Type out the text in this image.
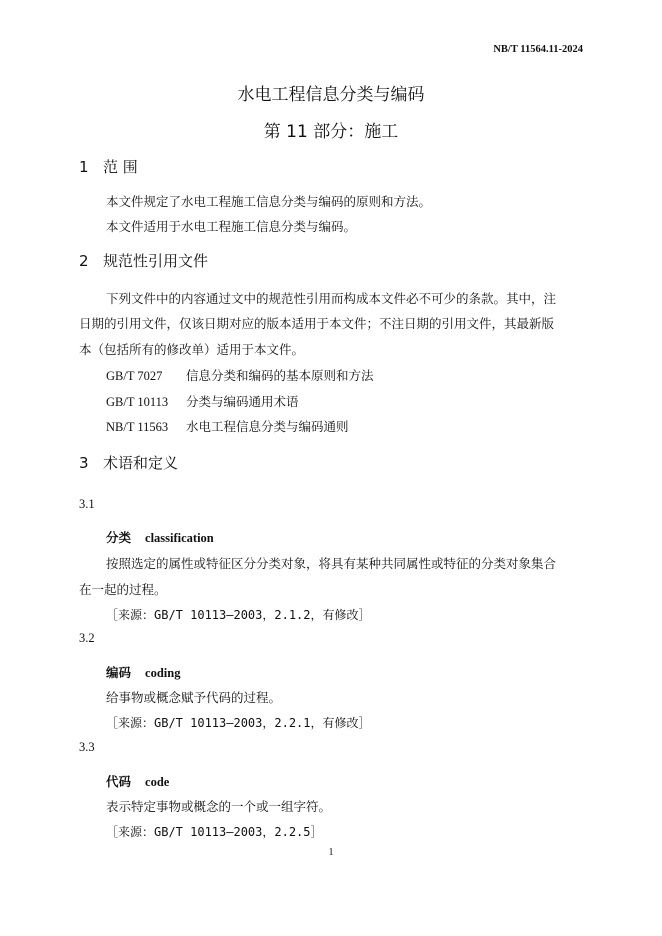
NB/T 11564.11-2024
水电工程信息分类与编码
第 11 部分：施工
1 范 围
本文件规定了水电工程施工信息分类与编码的原则和方法。
本文件适用于水电工程施工信息分类与编码。
2 规范性引用文件
下列文件中的内容通过文中的规范性引用而构成本文件必不可少的条款。其中，注
日期的引用文件，仅该日期对应的版本适用于本文件；不注日期的引用文件，其最新版
本（包括所有的修改单）适用于本文件。
GB/T 7027 信息分类和编码的基本原则和方法
GB/T 10113 分类与编码通用术语
NB/T 11563 水电工程信息分类与编码通则
3 术语和定义
3.1
分类 classification
按照选定的属性或特征区分分类对象，将具有某种共同属性或特征的分类对象集合
在一起的过程。
［来源：GB/T 10113—2003，2.1.2，有修改］
3.2
编码 coding
给事物或概念赋予代码的过程。
［来源：GB/T 10113—2003，2.2.1，有修改］
3.3
代码 code
表示特定事物或概念的一个或一组字符。
［来源：GB/T 10113—2003，2.2.5］
1
